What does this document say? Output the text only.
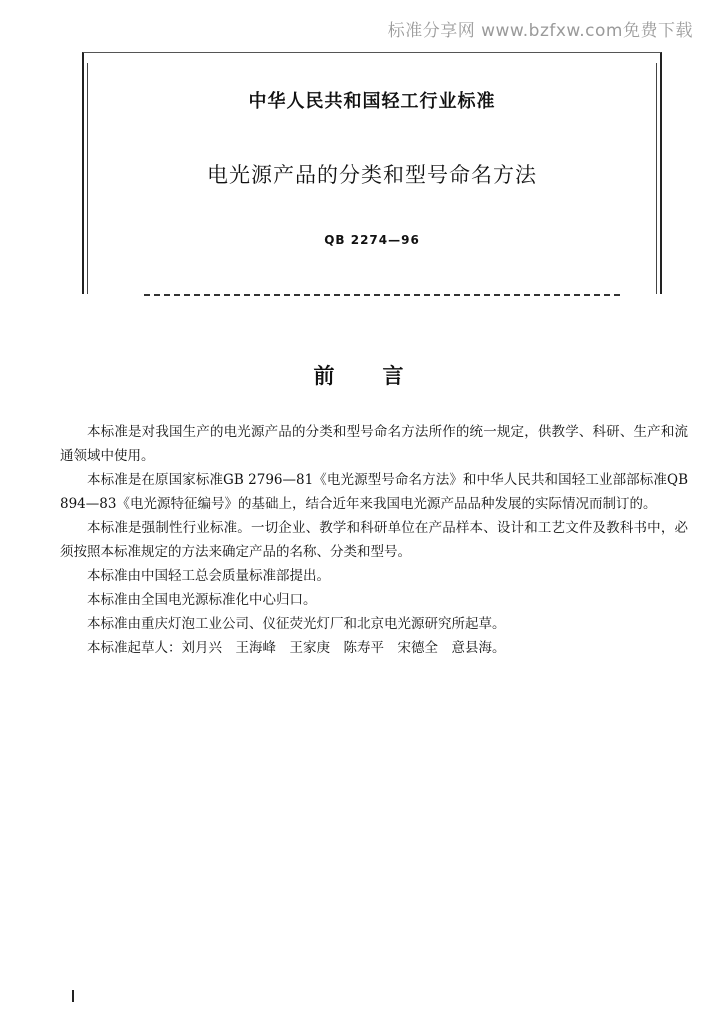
标准分享网 www.bzfxw.com免费下载
中华人民共和国轻工行业标准
电光源产品的分类和型号命名方法
QB 2274—96
前言

本标准是对我国生产的电光源产品的分类和型号命名方法所作的统一规定，供教学、科研、生产和流通领域中使用。

本标准是在原国家标准GB 2796—81《电光源型号命名方法》和中华人民共和国轻工业部部标准QB 894—83《电光源特征编号》的基础上，结合近年来我国电光源产品品种发展的实际情况而制订的。

本标准是强制性行业标准。一切企业、教学和科研单位在产品样本、设计和工艺文件及教科书中，必须按照本标准规定的方法来确定产品的名称、分类和型号。

本标准由中国轻工总会质量标准部提出。

本标准由全国电光源标准化中心归口。

本标准由重庆灯泡工业公司、仪征荧光灯厂和北京电光源研究所起草。

本标准起草人：刘月兴　王海峰　王家庚　陈寿平　宋德全　意县海。
